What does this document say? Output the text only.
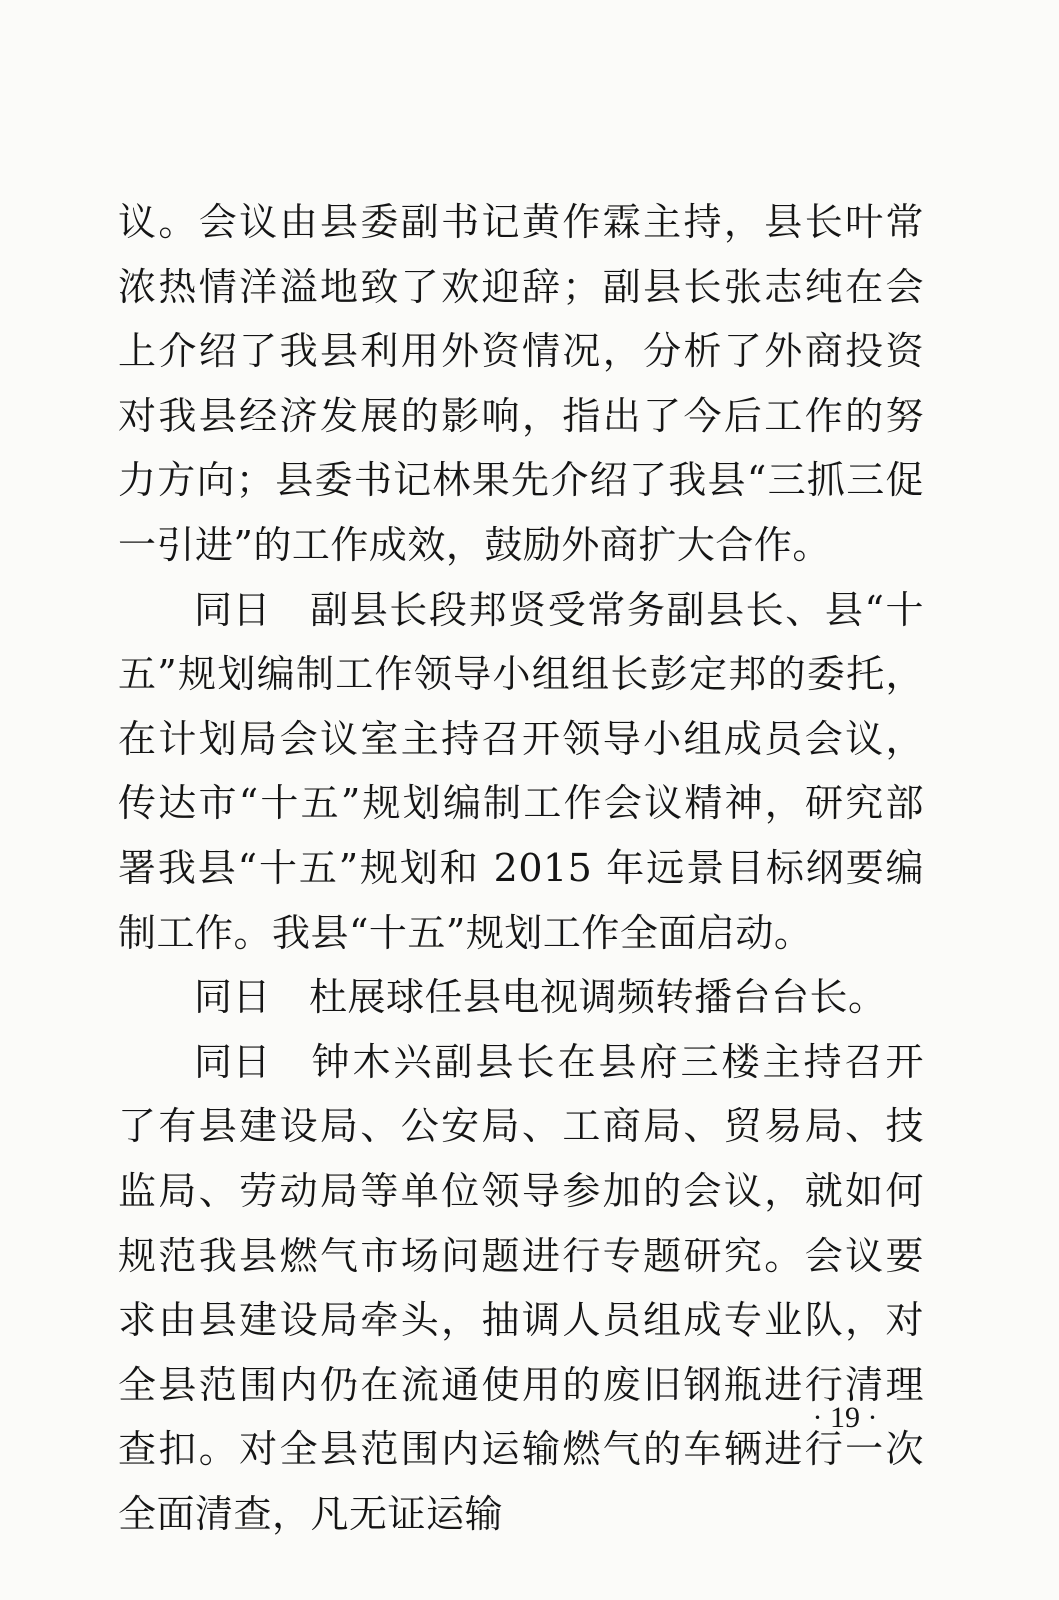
议。会议由县委副书记黄作霖主持，县长叶常浓热情洋溢地致了欢迎辞；副县长张志纯在会上介绍了我县利用外资情况，分析了外商投资对我县经济发展的影响，指出了今后工作的努力方向；县委书记林果先介绍了我县“三抓三促一引进”的工作成效，鼓励外商扩大合作。

同日 副县长段邦贤受常务副县长、县“十五”规划编制工作领导小组组长彭定邦的委托，在计划局会议室主持召开领导小组成员会议，传达市“十五”规划编制工作会议精神，研究部署我县“十五”规划和 2015 年远景目标纲要编制工作。我县“十五”规划工作全面启动。

同日 杜展球任县电视调频转播台台长。

同日 钟木兴副县长在县府三楼主持召开了有县建设局、公安局、工商局、贸易局、技监局、劳动局等单位领导参加的会议，就如何规范我县燃气市场问题进行专题研究。会议要求由县建设局牵头，抽调人员组成专业队，对全县范围内仍在流通使用的废旧钢瓶进行清理查扣。对全县范围内运输燃气的车辆进行一次全面清查，凡无证运输

· 19 ·
